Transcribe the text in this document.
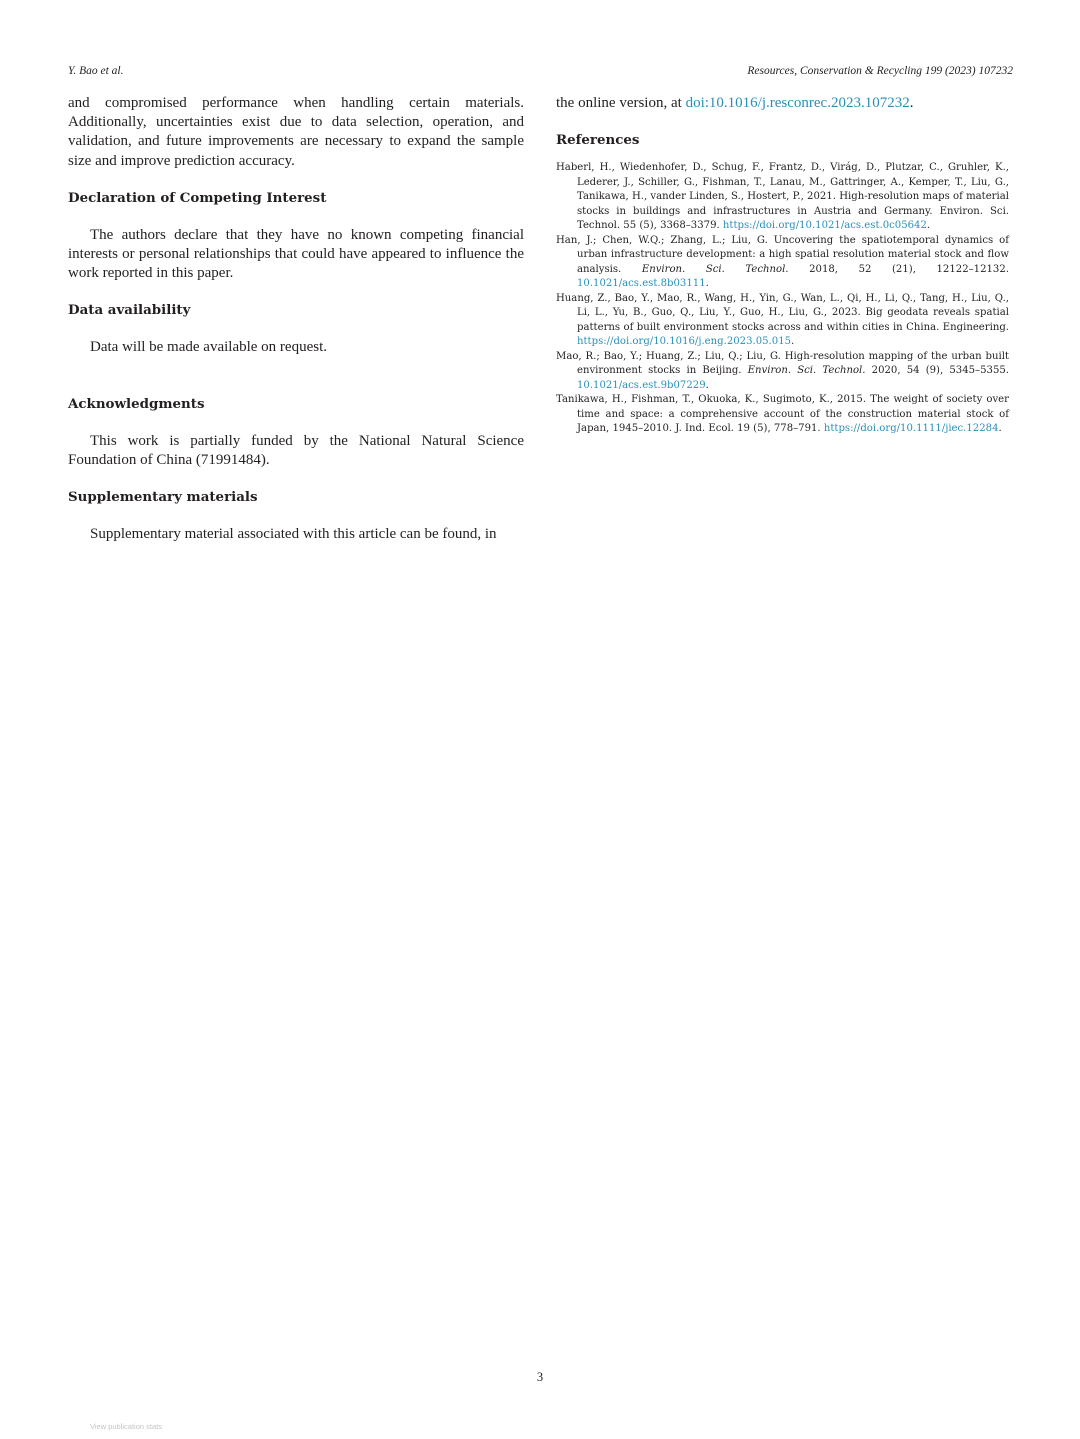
Y. Bao et al.	Resources, Conservation & Recycling 199 (2023) 107232

and compromised performance when handling certain materials. Additionally, uncertainties exist due to data selection, operation, and validation, and future improvements are necessary to expand the sample size and improve prediction accuracy.

Declaration of Competing Interest

The authors declare that they have no known competing financial interests or personal relationships that could have appeared to influence the work reported in this paper.

Data availability

Data will be made available on request.

Acknowledgments

This work is partially funded by the National Natural Science Foundation of China (71991484).

Supplementary materials

Supplementary material associated with this article can be found, in

the online version, at doi:10.1016/j.resconrec.2023.107232.

References
Haberl, H., Wiedenhofer, D., Schug, F., Frantz, D., Virág, D., Plutzar, C., Gruhler, K., Lederer, J., Schiller, G., Fishman, T., Lanau, M., Gattringer, A., Kemper, T., Liu, G., Tanikawa, H., vander Linden, S., Hostert, P., 2021. High-resolution maps of material stocks in buildings and infrastructures in Austria and Germany. Environ. Sci. Technol. 55 (5), 3368–3379. https://doi.org/10.1021/acs.est.0c05642.
Han, J.; Chen, W.Q.; Zhang, L.; Liu, G. Uncovering the spatiotemporal dynamics of urban infrastructure development: a high spatial resolution material stock and flow analysis. Environ. Sci. Technol. 2018, 52 (21), 12122–12132. 10.1021/acs.est.8b03111.
Huang, Z., Bao, Y., Mao, R., Wang, H., Yin, G., Wan, L., Qi, H., Li, Q., Tang, H., Liu, Q., Li, L., Yu, B., Guo, Q., Liu, Y., Guo, H., Liu, G., 2023. Big geodata reveals spatial patterns of built environment stocks across and within cities in China. Engineering. https://doi.org/10.1016/j.eng.2023.05.015.
Mao, R.; Bao, Y.; Huang, Z.; Liu, Q.; Liu, G. High-resolution mapping of the urban built environment stocks in Beijing. Environ. Sci. Technol. 2020, 54 (9), 5345–5355. 10.1021/acs.est.9b07229.
Tanikawa, H., Fishman, T., Okuoka, K., Sugimoto, K., 2015. The weight of society over time and space: a comprehensive account of the construction material stock of Japan, 1945–2010. J. Ind. Ecol. 19 (5), 778–791. https://doi.org/10.1111/jiec.12284.
3
View publication stats
